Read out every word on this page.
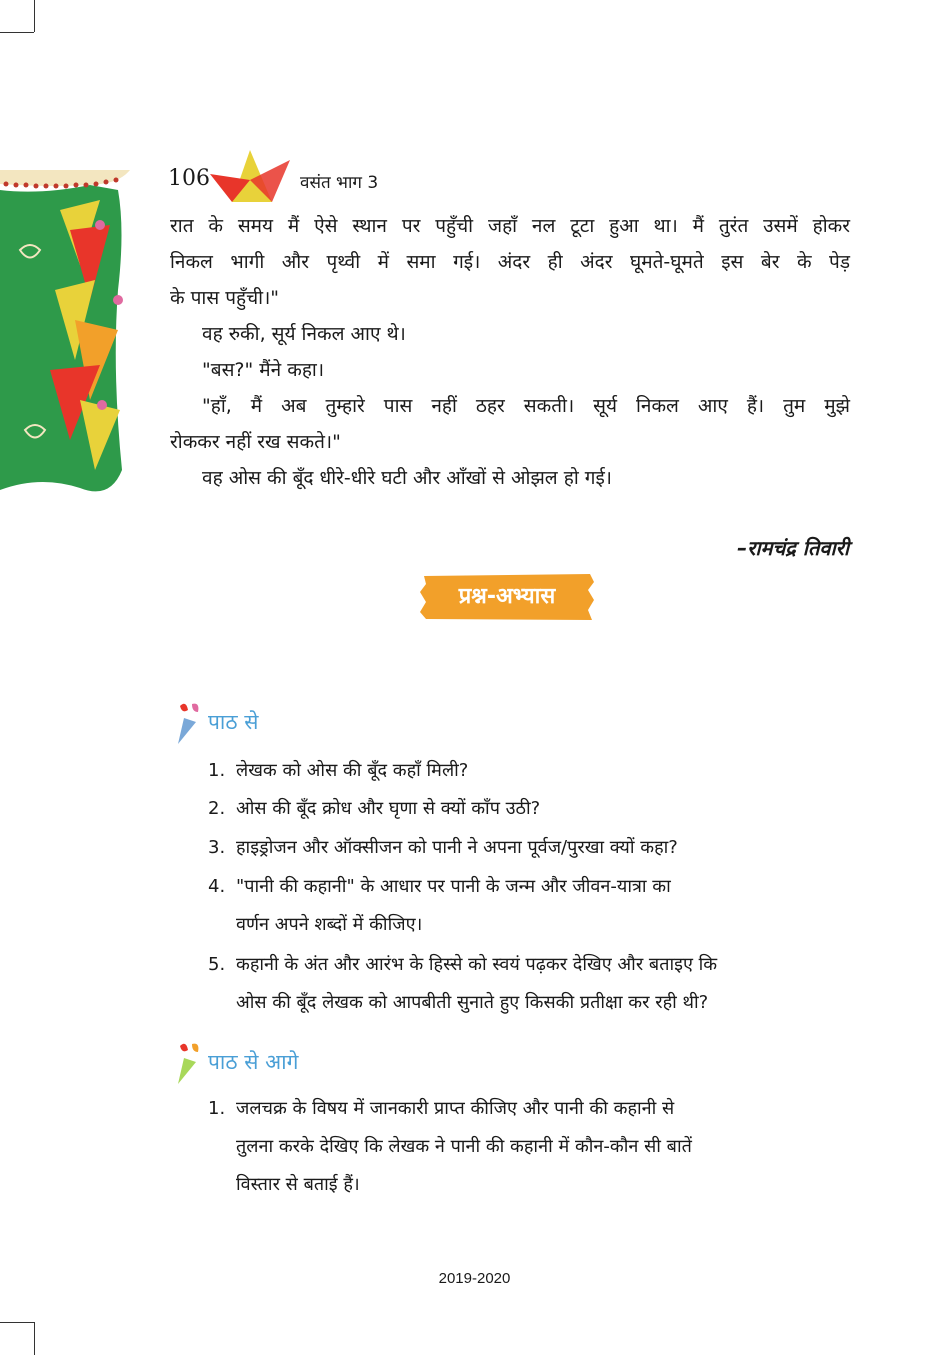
106	वसंत भाग 3
रात के समय मैं ऐसे स्थान पर पहुँची जहाँ नल टूटा हुआ था। मैं तुरंत उसमें होकर
निकल भागी और पृथ्वी में समा गई। अंदर ही अंदर घूमते-घूमते इस बेर के पेड़
के पास पहुँची।"
वह रुकी, सूर्य निकल आए थे।
"बस?" मैंने कहा।
"हाँ, मैं अब तुम्हारे पास नहीं ठहर सकती। सूर्य निकल आए हैं। तुम मुझे
रोककर नहीं रख सकते।"
वह ओस की बूँद धीरे-धीरे घटी और आँखों से ओझल हो गई।
–रामचंद्र तिवारी
प्रश्न-अभ्यास
पाठ से
1. लेखक को ओस की बूँद कहाँ मिली?
2. ओस की बूँद क्रोध और घृणा से क्यों काँप उठी?
3. हाइड्रोजन और ऑक्सीजन को पानी ने अपना पूर्वज/पुरखा क्यों कहा?
4. "पानी की कहानी" के आधार पर पानी के जन्म और जीवन-यात्रा का
वर्णन अपने शब्दों में कीजिए।
5. कहानी के अंत और आरंभ के हिस्से को स्वयं पढ़कर देखिए और बताइए कि
ओस की बूँद लेखक को आपबीती सुनाते हुए किसकी प्रतीक्षा कर रही थी?
पाठ से आगे
1. जलचक्र के विषय में जानकारी प्राप्त कीजिए और पानी की कहानी से
तुलना करके देखिए कि लेखक ने पानी की कहानी में कौन-कौन सी बातें
विस्तार से बताई हैं।
2019-2020
